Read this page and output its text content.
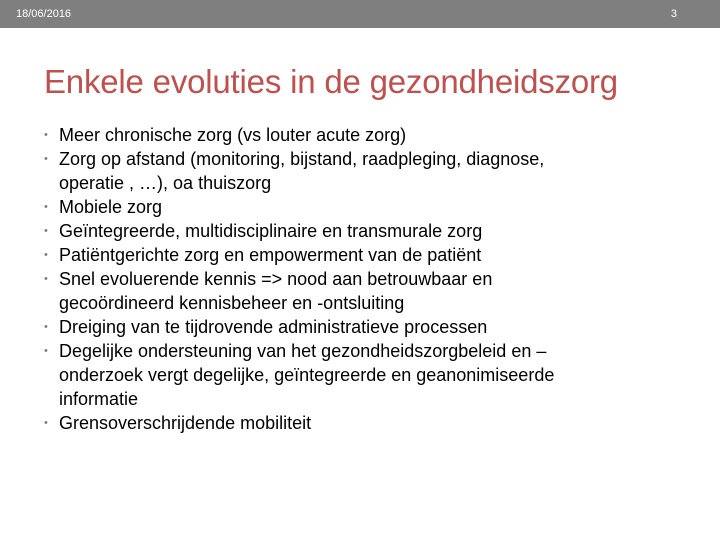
18/06/2016	3
Enkele evoluties in de gezondheidszorg
• Meer chronische zorg (vs louter acute zorg)
• Zorg op afstand (monitoring, bijstand, raadpleging, diagnose,
operatie , …), oa thuiszorg
• Mobiele zorg
• Geïntegreerde, multidisciplinaire en transmurale zorg
• Patiëntgerichte zorg en empowerment van de patiënt
• Snel evoluerende kennis => nood aan betrouwbaar en
gecoördineerd kennisbeheer en -ontsluiting
• Dreiging van te tijdrovende administratieve processen
• Degelijke ondersteuning van het gezondheidszorgbeleid en –
onderzoek vergt degelijke, geïntegreerde en geanonimiseerde
informatie
• Grensoverschrijdende mobiliteit
